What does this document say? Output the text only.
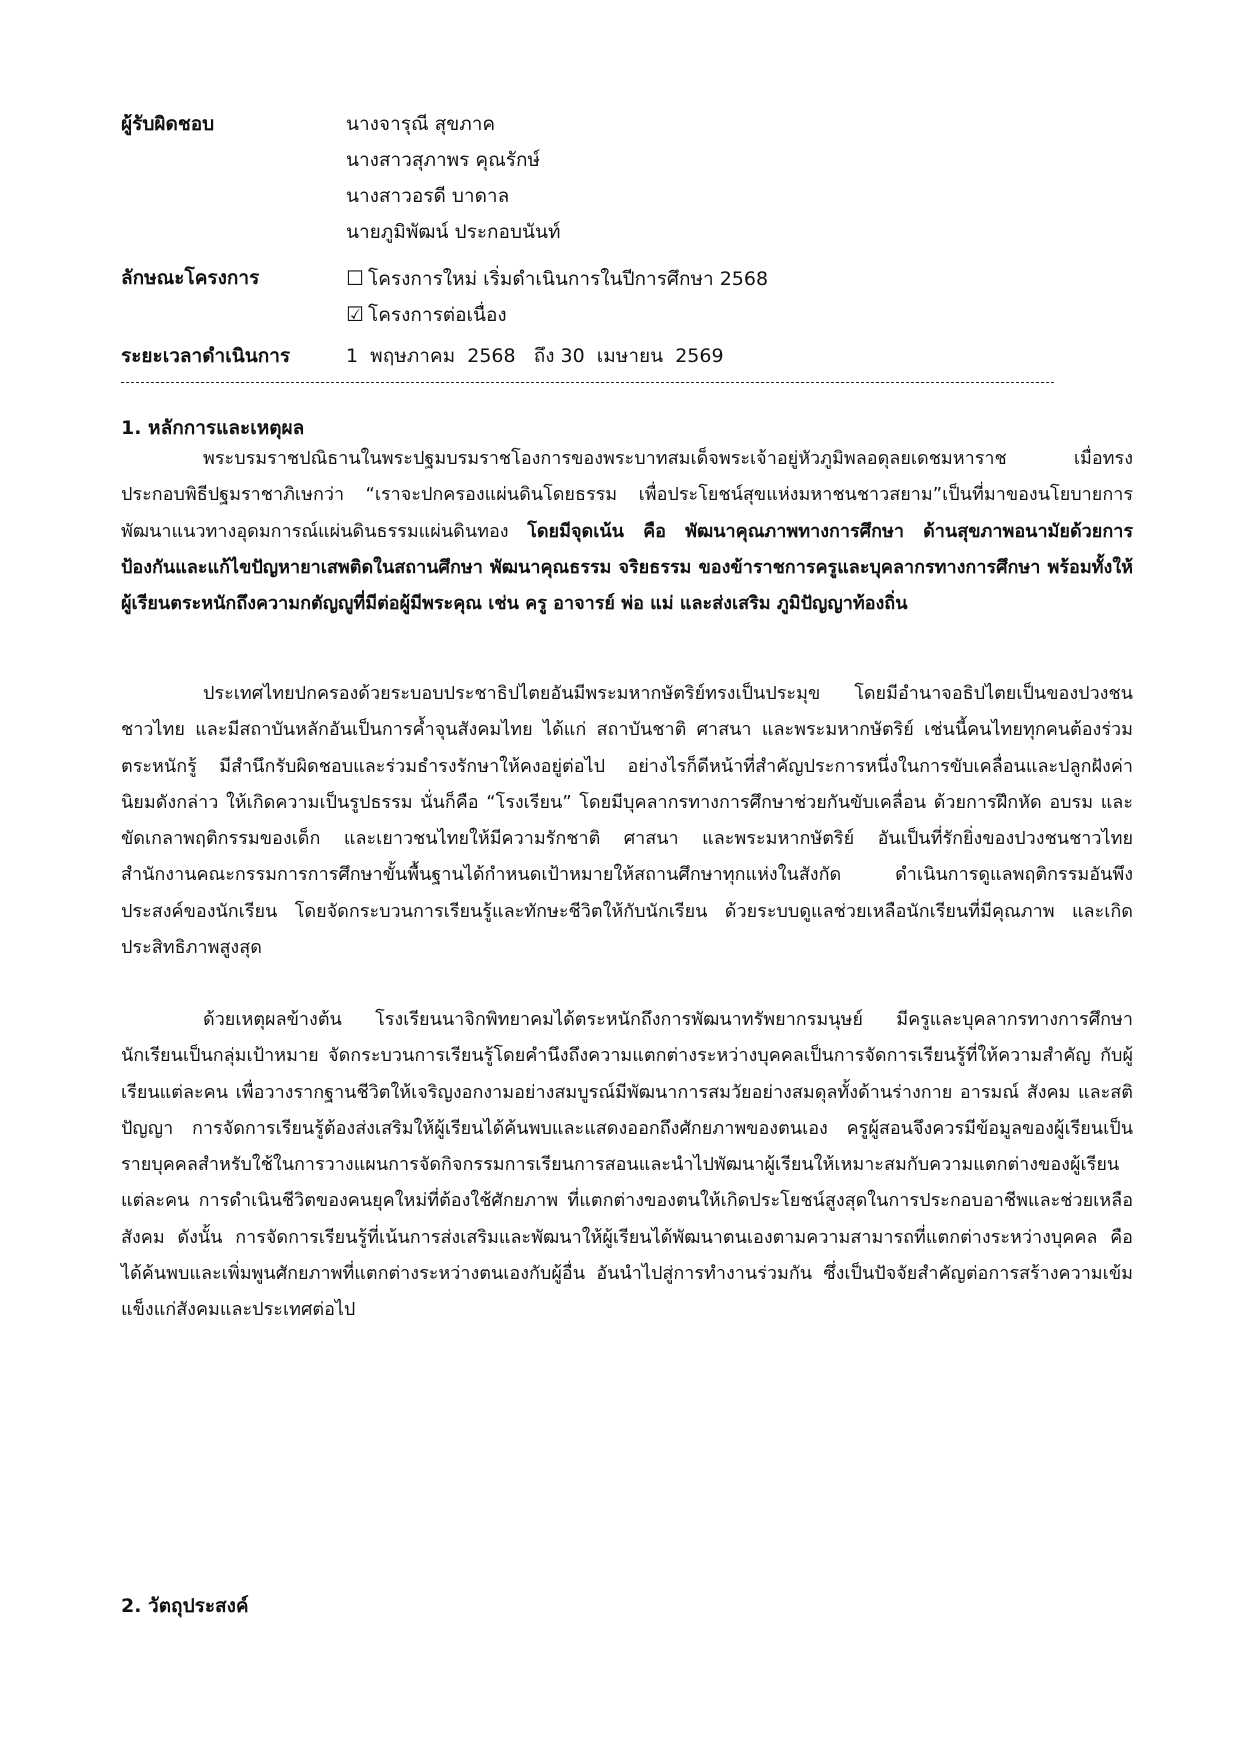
ผู้รับผิดชอบ	นางจารุณี สุขภาค
นางสาวสุภาพร คุณรักษ์
นางสาวอรดี บาดาล
นายภูมิพัฒน์ ประกอบนันท์
ลักษณะโครงการ	☐ โครงการใหม่ เริ่มดำเนินการในปีการศึกษา 2568
☑ โครงการต่อเนื่อง
ระยะเวลาดำเนินการ	1  พฤษภาคม  2568   ถึง 30  เมษายน  2569
1. หลักการและเหตุผล

พระบรมราชปณิธานในพระปฐมบรมราชโองการของพระบาทสมเด็จพระเจ้าอยู่หัวภูมิพลอดุลยเดชมหาราช เมื่อทรงประกอบพิธีปฐมราชาภิเษกว่า “เราจะปกครองแผ่นดินโดยธรรม เพื่อประโยชน์สุขแห่งมหาชนชาวสยาม”เป็นที่มาของนโยบายการพัฒนาแนวทางอุดมการณ์แผ่นดินธรรมแผ่นดินทอง โดยมีจุดเน้น คือ พัฒนาคุณภาพทางการศึกษา ด้านสุขภาพอนามัยด้วยการป้องกันและแก้ไขปัญหายาเสพติดในสถานศึกษา พัฒนาคุณธรรม จริยธรรม ของข้าราชการครูและบุคลากรทางการศึกษา พร้อมทั้งให้ผู้เรียนตระหนักถึงความกตัญญูที่มีต่อผู้มีพระคุณ เช่น ครู อาจารย์ พ่อ แม่ และส่งเสริม ภูมิปัญญาท้องถิ่น

ประเทศไทยปกครองด้วยระบอบประชาธิปไตยอันมีพระมหากษัตริย์ทรงเป็นประมุข โดยมีอำนาจอธิปไตยเป็นของปวงชนชาวไทย และมีสถาบันหลักอันเป็นการค้ำจุนสังคมไทย ได้แก่ สถาบันชาติ ศาสนา และพระมหากษัตริย์ เช่นนี้คนไทยทุกคนต้องร่วมตระหนักรู้ มีสำนึกรับผิดชอบและร่วมธำรงรักษาให้คงอยู่ต่อไป อย่างไรก็ดีหน้าที่สำคัญประการหนึ่งในการขับเคลื่อนและปลูกฝังค่านิยมดังกล่าว ให้เกิดความเป็นรูปธรรม นั่นก็คือ “โรงเรียน” โดยมีบุคลากรทางการศึกษาช่วยกันขับเคลื่อน ด้วยการฝึกหัด อบรม และขัดเกลาพฤติกรรมของเด็ก และเยาวชนไทยให้มีความรักชาติ ศาสนา และพระมหากษัตริย์ อันเป็นที่รักยิ่งของปวงชนชาวไทย สำนักงานคณะกรรมการการศึกษาขั้นพื้นฐานได้กำหนดเป้าหมายให้สถานศึกษาทุกแห่งในสังกัด ดำเนินการดูแลพฤติกรรมอันพึงประสงค์ของนักเรียน โดยจัดกระบวนการเรียนรู้และทักษะชีวิตให้กับนักเรียน ด้วยระบบดูแลช่วยเหลือนักเรียนที่มีคุณภาพ และเกิดประสิทธิภาพสูงสุด

ด้วยเหตุผลข้างต้น โรงเรียนนาจิกพิทยาคมได้ตระหนักถึงการพัฒนาทรัพยากรมนุษย์ มีครูและบุคลากรทางการศึกษา นักเรียนเป็นกลุ่มเป้าหมาย จัดกระบวนการเรียนรู้โดยคำนึงถึงความแตกต่างระหว่างบุคคลเป็นการจัดการเรียนรู้ที่ให้ความสำคัญ กับผู้เรียนแต่ละคน เพื่อวางรากฐานชีวิตให้เจริญงอกงามอย่างสมบูรณ์มีพัฒนาการสมวัยอย่างสมดุลทั้งด้านร่างกาย อารมณ์ สังคม และสติปัญญา การจัดการเรียนรู้ต้องส่งเสริมให้ผู้เรียนได้ค้นพบและแสดงออกถึงศักยภาพของตนเอง ครูผู้สอนจึงควรมีข้อมูลของผู้เรียนเป็นรายบุคคลสำหรับใช้ในการวางแผนการจัดกิจกรรมการเรียนการสอนและนำไปพัฒนาผู้เรียนให้เหมาะสมกับความแตกต่างของผู้เรียนแต่ละคน การดำเนินชีวิตของคนยุคใหม่ที่ต้องใช้ศักยภาพ ที่แตกต่างของตนให้เกิดประโยชน์สูงสุดในการประกอบอาชีพและช่วยเหลือสังคม ดังนั้น การจัดการเรียนรู้ที่เน้นการส่งเสริมและพัฒนาให้ผู้เรียนได้พัฒนาตนเองตามความสามารถที่แตกต่างระหว่างบุคคล คือ ได้ค้นพบและเพิ่มพูนศักยภาพที่แตกต่างระหว่างตนเองกับผู้อื่น อันนำไปสู่การทำงานร่วมกัน ซึ่งเป็นปัจจัยสำคัญต่อการสร้างความเข้มแข็งแก่สังคมและประเทศต่อไป

2. วัตถุประสงค์
